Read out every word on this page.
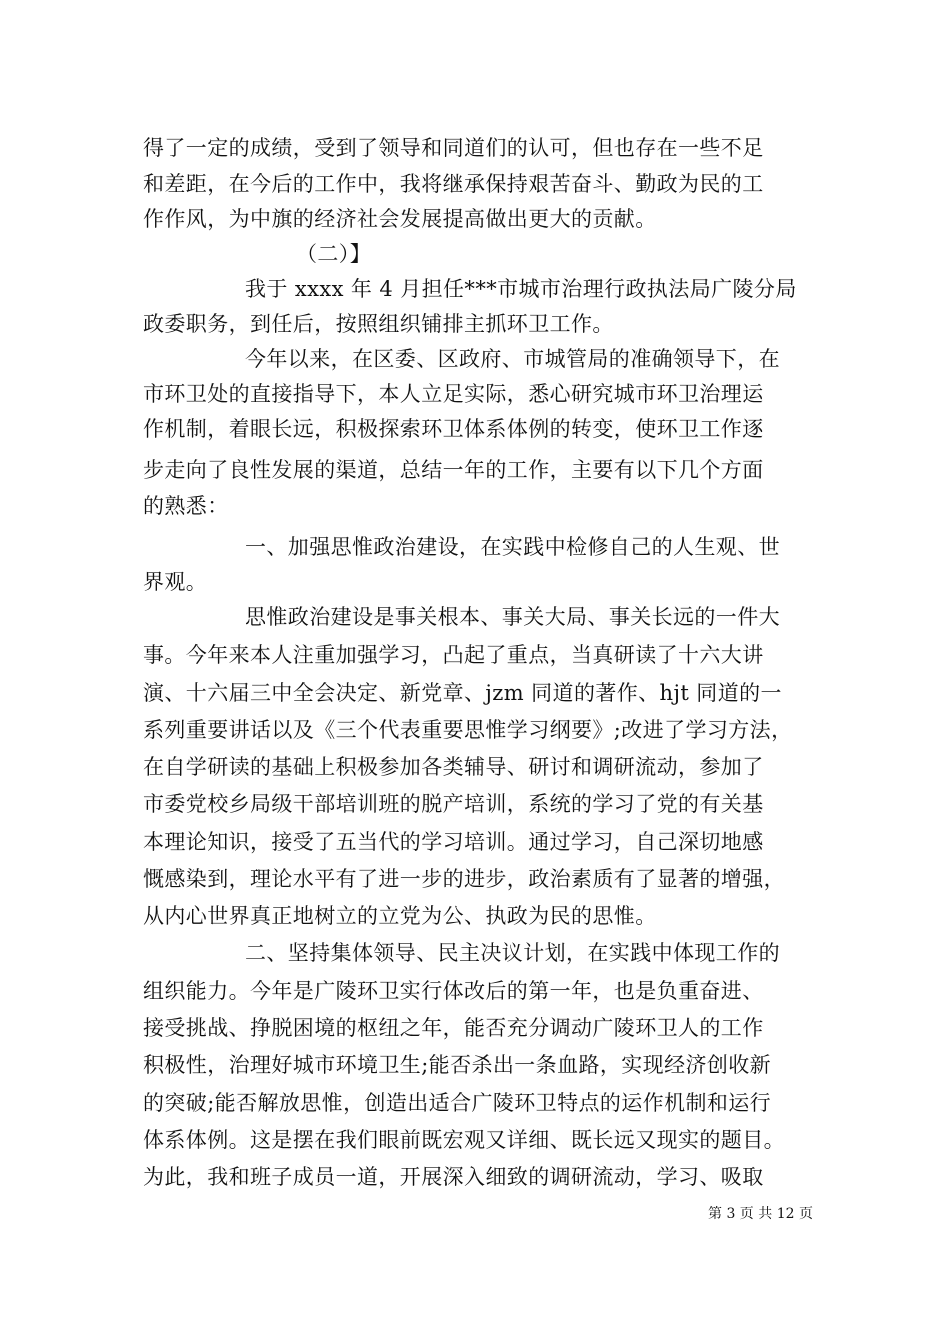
得了一定的成绩，受到了领导和同道们的认可，但也存在一些不足
和差距，在今后的工作中，我将继承保持艰苦奋斗、勤政为民的工
作作风，为中旗的经济社会发展提高做出更大的贡献。
（二）】
我于 xxxx 年 4 月担任***市城市治理行政执法局广陵分局
政委职务，到任后，按照组织铺排主抓环卫工作。
今年以来，在区委、区政府、市城管局的准确领导下，在
市环卫处的直接指导下，本人立足实际，悉心研究城市环卫治理运
作机制，着眼长远，积极探索环卫体系体例的转变，使环卫工作逐
步走向了良性发展的渠道，总结一年的工作，主要有以下几个方面
的熟悉：
一、加强思惟政治建设，在实践中检修自己的人生观、世
界观。
思惟政治建设是事关根本、事关大局、事关长远的一件大
事。今年来本人注重加强学习，凸起了重点，当真研读了十六大讲
演、十六届三中全会决定、新党章、jzm 同道的著作、hjt 同道的一
系列重要讲话以及《三个代表重要思惟学习纲要》;改进了学习方法，
在自学研读的基础上积极参加各类辅导、研讨和调研流动，参加了
市委党校乡局级干部培训班的脱产培训，系统的学习了党的有关基
本理论知识，接受了五当代的学习培训。通过学习，自己深切地感
慨感染到，理论水平有了进一步的进步，政治素质有了显著的增强，
从内心世界真正地树立的立党为公、执政为民的思惟。
二、坚持集体领导、民主决议计划，在实践中体现工作的
组织能力。今年是广陵环卫实行体改后的第一年，也是负重奋进、
接受挑战、挣脱困境的枢纽之年，能否充分调动广陵环卫人的工作
积极性，治理好城市环境卫生;能否杀出一条血路，实现经济创收新
的突破;能否解放思惟，创造出适合广陵环卫特点的运作机制和运行
体系体例。这是摆在我们眼前既宏观又详细、既长远又现实的题目。
为此，我和班子成员一道，开展深入细致的调研流动，学习、吸取
第 3 页 共 12 页
